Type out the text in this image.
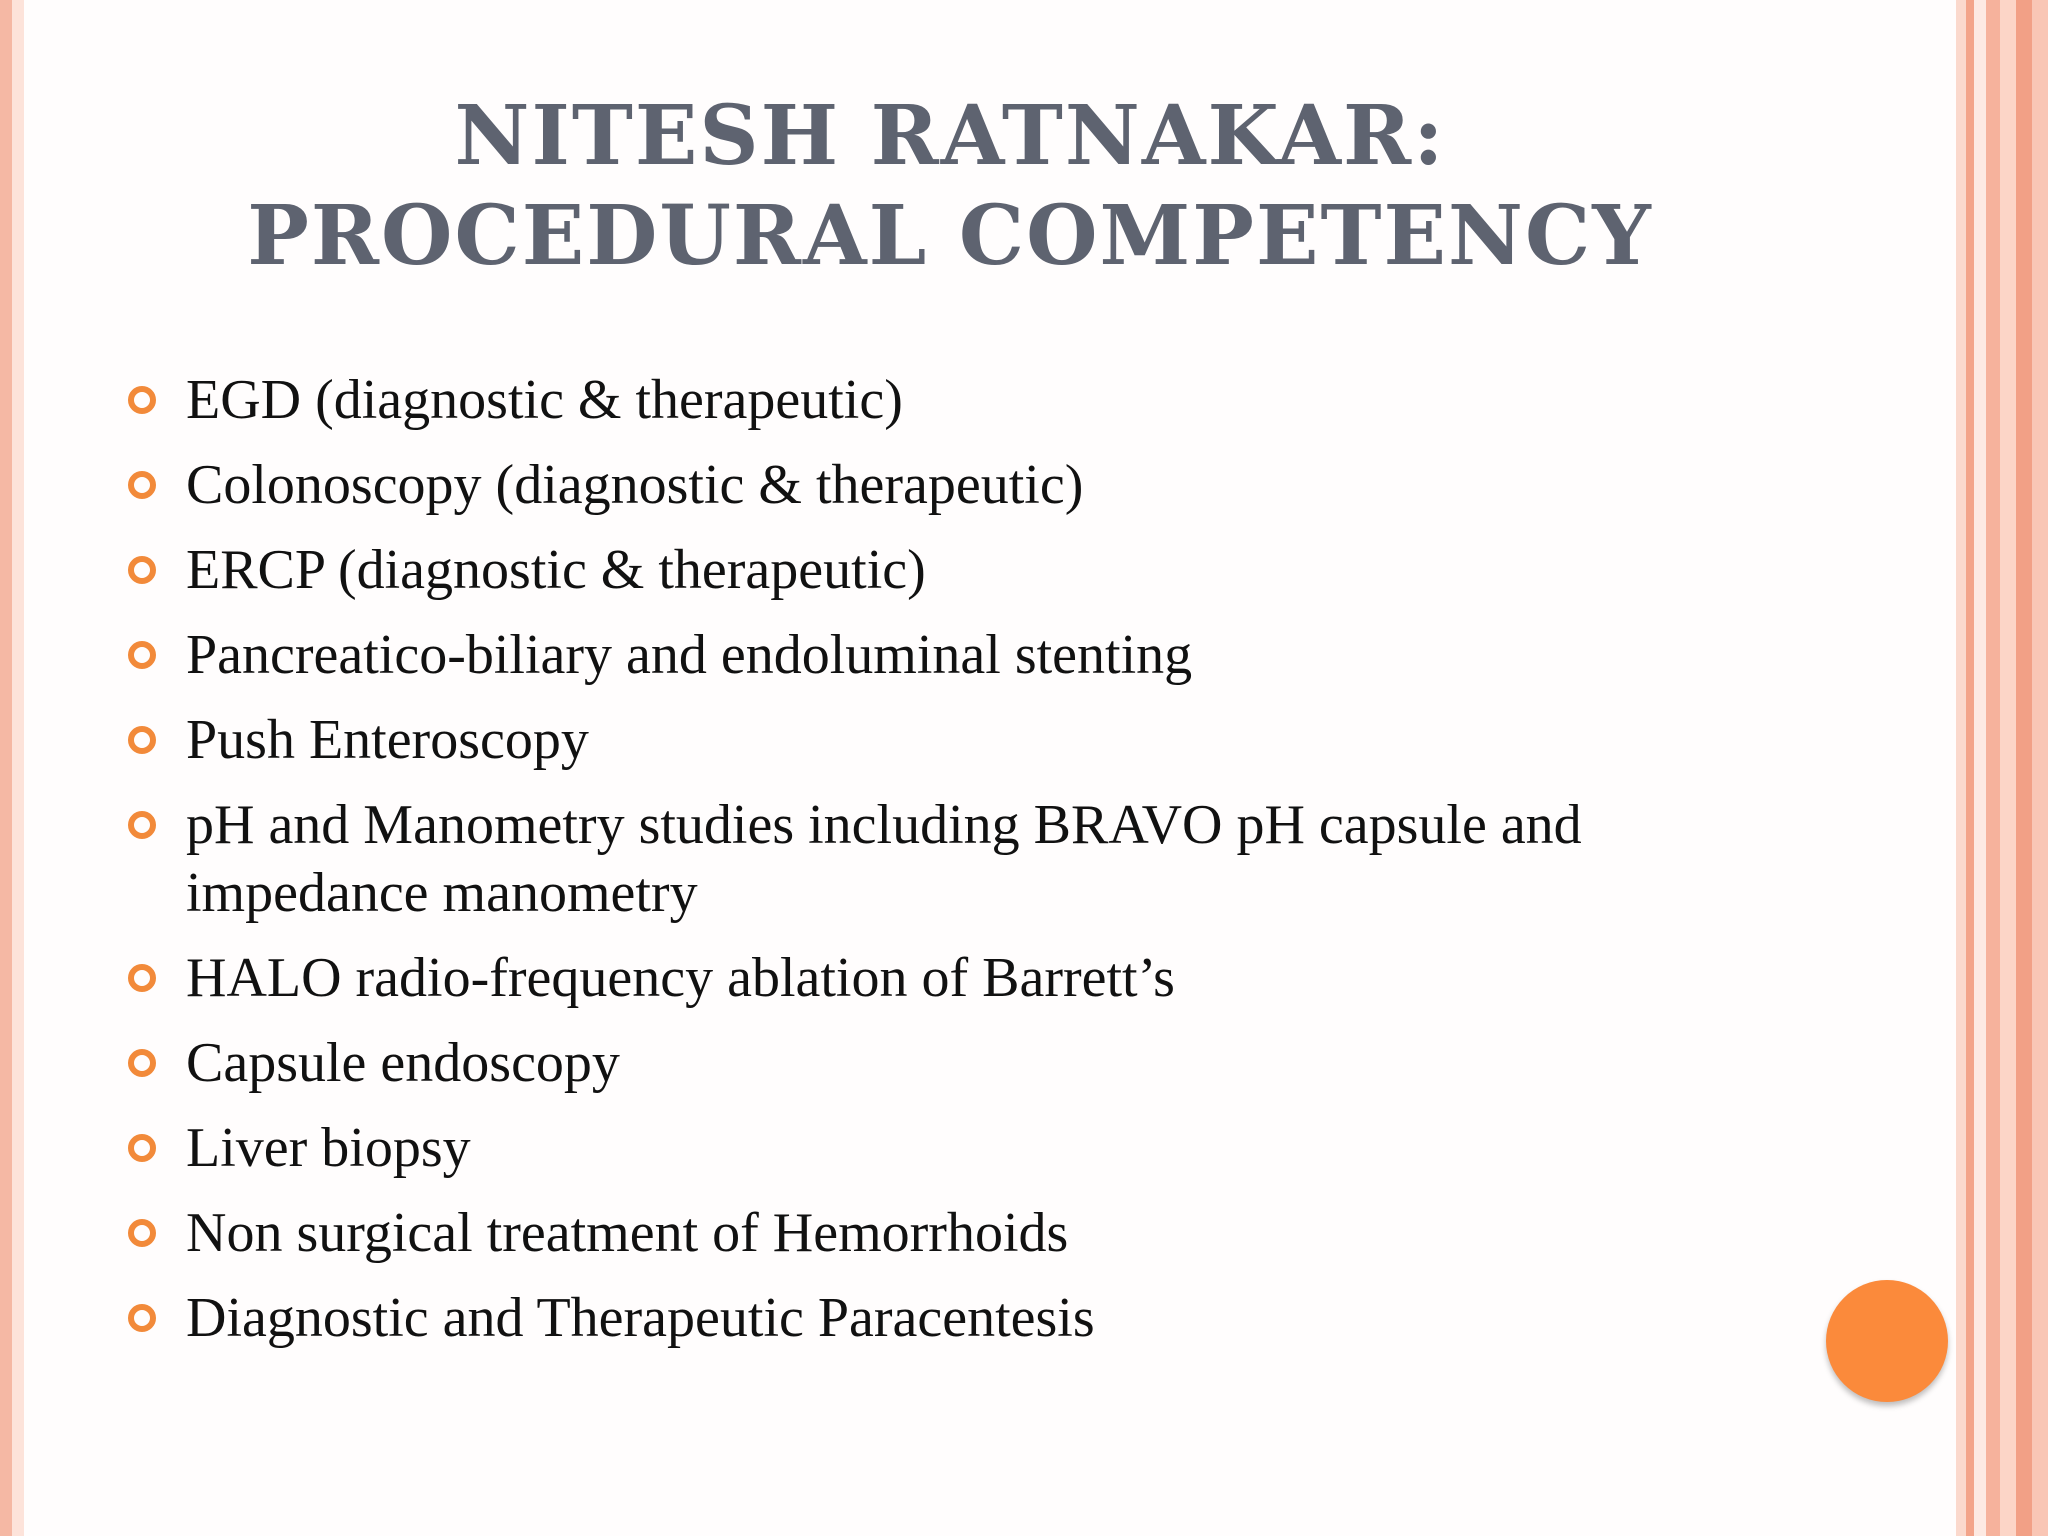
NITESH RATNAKAR:
PROCEDURAL COMPETENCY
EGD (diagnostic & therapeutic)
Colonoscopy (diagnostic & therapeutic)
ERCP (diagnostic & therapeutic)
Pancreatico-biliary and endoluminal stenting
Push Enteroscopy
pH and Manometry studies including BRAVO pH capsule and impedance manometry
HALO radio-frequency ablation of Barrett’s
Capsule endoscopy
Liver biopsy
Non surgical treatment of Hemorrhoids
Diagnostic and Therapeutic Paracentesis
